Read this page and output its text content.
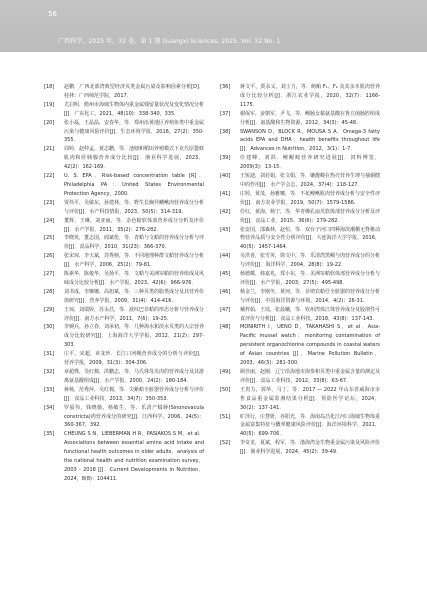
56
广西科学，2025 年，32 卷，第 1 期 Guangxi Sciences, 2025, Vol. 32 No. 1
[18] 赵鹏．广西北部湾典型经济贝类金属污染及影响因素分析[D]．桂林：广西师范学院，2017．
[19] 尤启明．儋州市海域生物体内重金属残留量状况及变化情况分析[J]．广东化工，2021，48(10)：338-340，335．
[20] 张小磊，王晶晶，安春华，等．郑州沿黄地区养殖鱼类中重金属污染与健康风险评价[J]．生态环境学报，2018，27(2)：350-355．
[21] 周婷，赵仲孟，黄志鹏，等．池塘和稻田养殖模式下克氏原螯虾肌肉和肝胰腺营养成分比较[J]．渔业科学进展，2023，42(2)：162-169．
[22] U. S. EPA．Risk-based concentration table [R]．Philadelphia PA：United States Environmental Protection Agency，2000．
[23] 贾伟平，吴敏东，孙建林，等．野生长胸异鳞鳅肉营养成分分析与评价[J]．水产科技情报，2023，50(5)：314-319．
[24] 董辉，王琳，刘亚丽，等．杂色蛤软体部营养成分分析及评价[J]．水产学报，2011，35(2)：276-282．
[25] 李晓英，董志国，阎斌伦，等．青蛤与文蛤的营养成分分析与评价[J]．食品科学，2010，31(23)：366-370．
[26] 张宋琼，李大斌，苏秀榕，等．不同地理种群文蛤营养成分分析[J]．水产科学，2006，25(2)：79-81．
[27] 陈素华，陈俊华，吴扬平，等．文蛤与美洲帘蛤的营养组成及风味成分比较分析[J]．水产学报，2023，42(6)：966-976．
[28] 刘书成，李娜娜，高旭斌，等．三种贝类的脂类成分及其营养价值研究[J]．营养学报，2009，31(4)：414-416．
[29] 王琼，刘瑞婷，苏永昌，等．波纹巴非蛤的形态分析与营养成分评价[J]．南方水产科学，2011，7(6)：19-25．
[30] 李婉兵，孙立春，刘承初，等．几种海水和淡水贝类的大宗营养成分比较研究[J]．上海海洋大学学报，2012，21(2)：297-303．
[31] 庄平，宋超，章龙珍．长江口河蚬营养成分的分析与评价[J]．营养学报，2009，31(3)：304-306．
[32] 章超桦，吴红棉，洪鹏志，等．马氏珠母贝肉的营养成分及其游离氨基酸组成[J]．水产学报，2000，24(2)：180-184．
[33] 蒋杨，范秀萍，吴红棉，等．尖紫蛤全脏器营养成分分析与评价[J]．食品工业科技，2013，34(7)：350-353．
[34] 罗福伟，钱晓薇，杨敏生，等．乐清产缢蛏(Sinonovacula constricta)肉营养成分的研究[J]．江西科学，2006，24(5)：360-367，392．
[35] CHEUNG S N，LIEBERMAN H R，PASIAKOS S M，et al．Associations between essential amino acid intake and functional health outcomes in older adults，analysis of the national health and nutrition examination survey，2003 - 2018 [J]．Current Developments in Nutrition，2024，8(8)：104411．
[36] 蒋文平，贾永义，刘士力，等．鲂鲌 F₁、F₂ 及其亲本肌肉营养成分比较分析[J]．浙江农业学报，2020，32(7)：1166-1175．
[37] 谢保军，姜朝军，尹飞，等．鳗肠女黏氨基酸在鲁豆菌肠腔组成分析[J]．氨基酸和生物资源，2012，34(3)：45-48．
[38] SWANSON D，BLOCK R，MOUSA S A．Omega-3 fatty acids EPA and DHA：health benefits throughout life [J]．Advances in Nutrition，2012，3(1)：1-7．
[39] 任建峰，刘淇．鳗鲲鲶营养研究进展[J]．饲料博览，2009(3)：13-15．
[40] 王锐迪，刘若娟，张文娟，等．镶靓蚬在热壳营养生理与抽谢健中的作用[J]．水产学会志，2024，37(4)：118-127．
[41] 庄婷，黄茂，孙雅娜，等．不花鳗鳅肌肉营养成分析与安全性评价[J]．南方农业学报，2019，50(7)：1579-1586．
[42] 任红，黄海，杨宁，等．华青樽孔扇贝软体部营养成分分析及评价[J]．食品工业，2015，36(6)：279-282．
[43] 张安国，邵森林，赵恒，等．双台子河口四种海滨潮栖无脊椎动物营养品质与安全性分析评价[J]．大连海洋大学学报，2016，40(5)：1457-1464．
[44] 吴洪喜，张雪英，徐文中，等．乐清湾黑鲷与肉营养成分的分析与评价[J]．海洋科学，2004，28(8)：19-22．
[45] 杨德耀，韩嘉兆，郑小东，等．美洲帘蛤软体部营养成分分析与评价[J]．水产学报，2003，27(5)：495-498．
[46] 杨金兰，李刚冬，黄珂，等．菲律宾蛤仔全脏器的营养成分分析与评价[J]．中国海洋资源与环境，2014，4(2)：26-31．
[47] 戴梓茹，王瑶，张晨曦，等．钦州湾体江珠营养成分及股削性可食评价与分析[J]．食品工业科技，2018，43(8)：137-143．
[48] MONIRITH I，UENO D，TAKAHASHI S，et al．Asia-Pacific mussel watch：monitoring contamination of persistent organochlorine compounds in coastal waters of Asian countries [J]．Marine Pollution Bulletin，2003，46(3)：281-300．
[49] 顾佳丽，赵刚．辽宁沿海地市海参和贝类中重金属含量的测定及评价[J]．食品工业科技，2012，33(8)：63-67．
[50] 王贵力，郭华，马丁，等．2017 — 2022 年山东省威海市市售食品重金属监测结果分析[J]．预防医学论坛，2024，30(2)：137-141．
[51] 旷泽行，庄慧妍，谷阳光，等．海南岛昌化江河口海域生物体重金属富集特征与概率健康风险评价[J]．海洋环境科学，2021，40(5)：699-706．
[52] 李奇龙，夏斌，程军，等．渤海湾金生物重金属污染及风险评价[J]．渔业科学进展，2024，45(2)：39-49．
